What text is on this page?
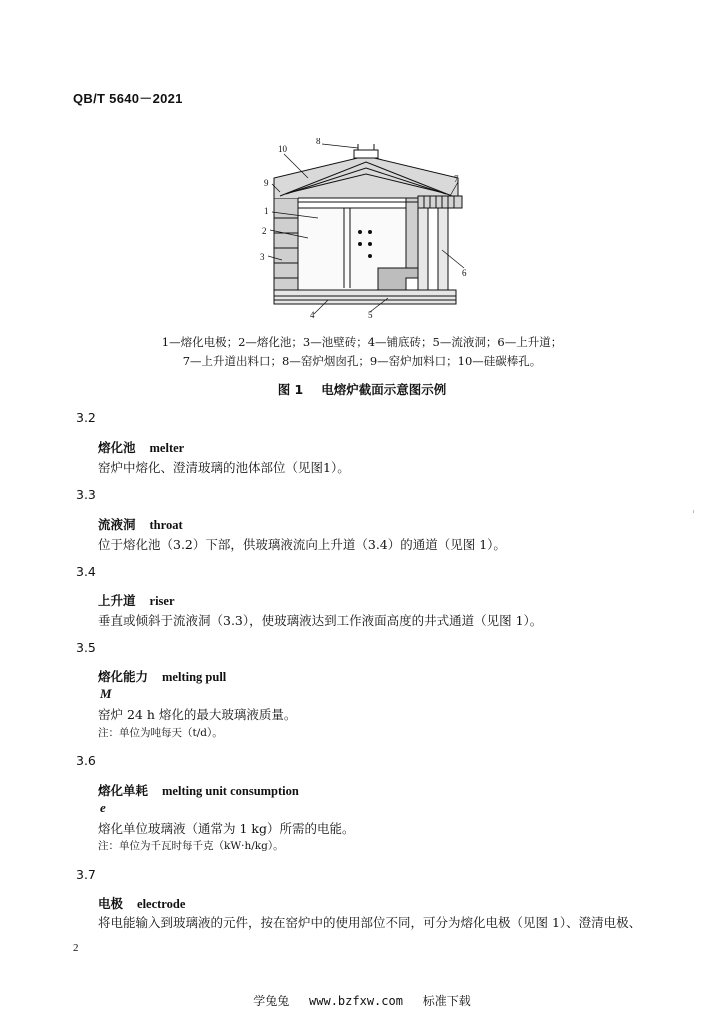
QB/T 5640－2021
10
8
9
1
2
3
4	5
6
7
1—熔化电极；2—熔化池；3—池壁砖；4—铺底砖；5—流液洞；6—上升道；
7—上升道出料口；8—窑炉烟囱孔；9—窑炉加料口；10—硅碳棒孔。
图 1 电熔炉截面示意图示例
3.2
熔化池 melter
窑炉中熔化、澄清玻璃的池体部位（见图1）。
3.3
流液洞 throat
位于熔化池（3.2）下部，供玻璃液流向上升道（3.4）的通道（见图 1）。
3.4
上升道 riser
垂直或倾斜于流液洞（3.3），使玻璃液达到工作液面高度的井式通道（见图 1）。
3.5
熔化能力 melting pull
M
窑炉 24 h 熔化的最大玻璃液质量。
注：单位为吨每天（t/d）。
3.6
熔化单耗 melting unit consumption
e
熔化单位玻璃液（通常为 1 kg）所需的电能。
注：单位为千瓦时每千克（kW·h/kg）。
3.7
电极 electrode
将电能输入到玻璃液的元件，按在窑炉中的使用部位不同，可分为熔化电极（见图 1）、澄清电极、
2
学兔兔 www.bzfxw.com 标准下载
